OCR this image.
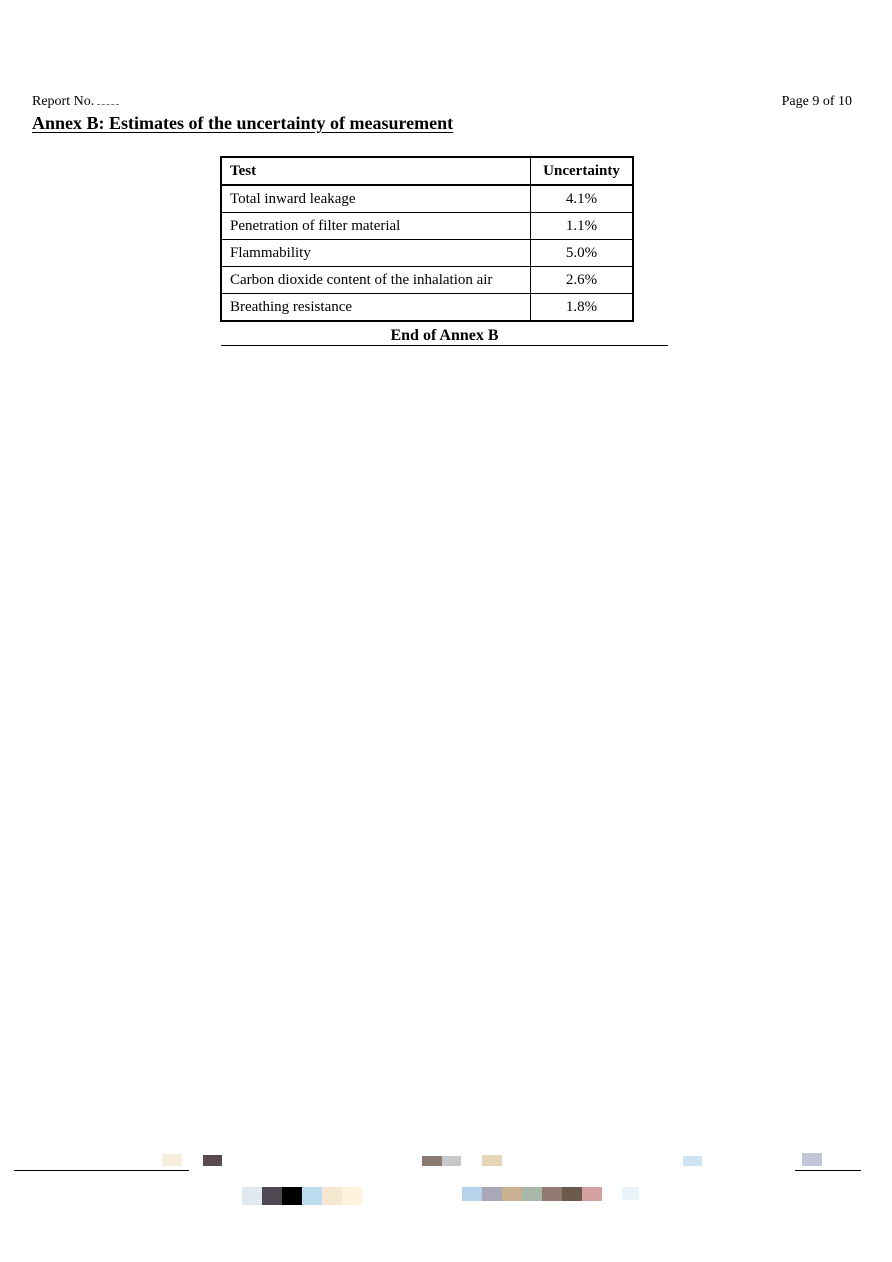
Report No.	Page 9 of 10
Annex B: Estimates of the uncertainty of measurement
Test	Uncertainty
Total inward leakage	4.1%
Penetration of filter material	1.1%
Flammability	5.0%
Carbon dioxide content of the inhalation air	2.6%
Breathing resistance	1.8%
End of Annex B
